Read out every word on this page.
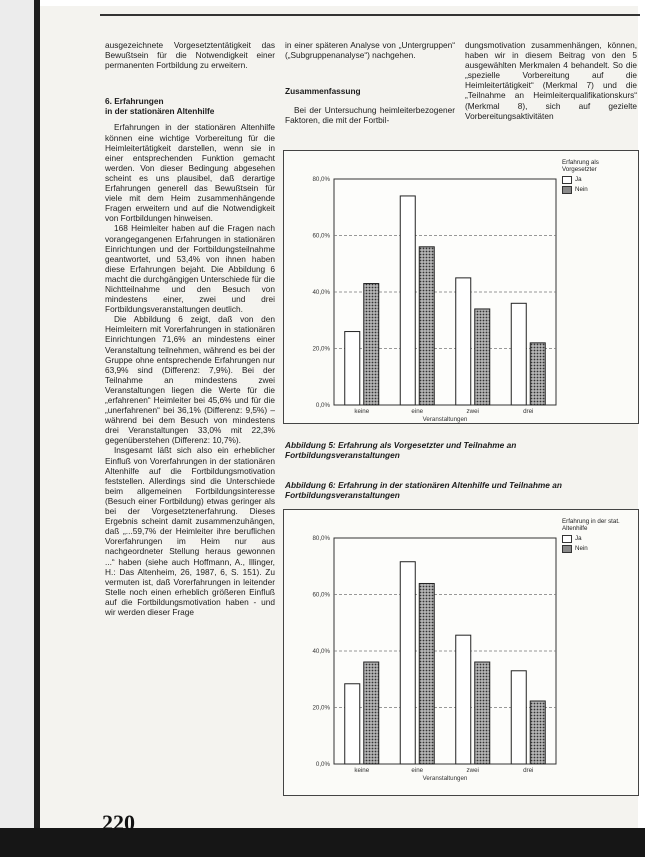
ausgezeichnete Vorgesetztentätigkeit das Bewußtsein für die Notwendigkeit einer permanenten Fortbildung zu erweitern.

6. Erfahrungen

in der stationären Altenhilfe

Erfahrungen in der stationären Altenhilfe können eine wichtige Vorbereitung für die Heimleitertätigkeit darstellen, wenn sie in einer entsprechenden Funktion gemacht werden. Von dieser Bedingung abgesehen scheint es uns plausibel, daß derartige Erfahrungen generell das Bewußtsein für viele mit dem Heim zusammenhängende Fragen erweitern und auf die Notwendigkeit von Fortbildungen hinweisen.

168 Heimleiter haben auf die Fragen nach vorangegangenen Erfahrungen in stationären Einrichtungen und der Fortbildungsteilnahme geantwortet, und 53,4% von ihnen haben diese Erfahrungen bejaht. Die Abbildung 6 macht die durchgängigen Unterschiede für die Nichtteilnahme und den Besuch von mindestens einer, zwei und drei Fortbildungsveranstaltungen deutlich.

Die Abbildung 6 zeigt, daß von den Heimleitern mit Vorerfahrungen in stationären Einrichtungen 71,6% an mindestens einer Veranstaltung teilnehmen, während es bei der Gruppe ohne entsprechende Erfahrungen nur 63,9% sind (Differenz: 7,9%). Bei der Teilnahme an mindestens zwei Veranstaltungen liegen die Werte für die „erfahrenen“ Heimleiter bei 45,6% und für die „unerfahrenen“ bei 36,1% (Differenz: 9,5%) – während bei dem Besuch von mindestens drei Veranstaltungen 33,0% mit 22,3% gegenüberstehen (Differenz: 10,7%).

Insgesamt läßt sich also ein erheblicher Einfluß von Vorerfahrungen in der stationären Altenhilfe auf die Fortbildungsmotivation feststellen. Allerdings sind die Unterschiede beim allgemeinen Fortbildungsinteresse (Besuch einer Fortbildung) etwas geringer als bei der Vorgesetztenerfahrung. Dieses Ergebnis scheint damit zusammenzuhängen, daß „...59,7% der Heimleiter ihre beruflichen Vorerfahrungen im Heim nur aus nachgeordneter Stellung heraus gewonnen ...“ haben (siehe auch Hoffmann, A., Illinger, H.: Das Altenheim, 26, 1987, 6, S. 151). Zu vermuten ist, daß Vorerfahrungen in leitender Stelle noch einen erheblich größeren Einfluß auf die Fortbildungsmotivation haben - und wir werden dieser Frage

in einer späteren Analyse von „Untergruppen“ („Subgruppenanalyse“) nachgehen.

Zusammenfassung

Bei der Untersuchung heimleiterbezogener Faktoren, die mit der Fortbil-

dungsmotivation zusammenhängen, können, haben wir in diesem Beitrag von den 5 ausgewählten Merkmalen 4 behandelt. So die „spezielle Vorbereitung auf die Heimleitertätigkeit“ (Merkmal 7) und die „Teilnahme an Heimleiterqualifikationskurs“ (Merkmal 8), sich auf gezielte Vorbereitungsaktivitäten

0,0%
20,0%
40,0%
60,0%
80,0%
keine	eine	zwei	drei
Veranstaltungen
Erfahrung als Vorgesetzter
Ja
Nein
Abbildung 5: Erfahrung als Vorgesetzter und Teilnahme an Fortbildungsveranstaltungen
Abbildung 6: Erfahrung in der stationären Altenhilfe und Teilnahme an Fortbildungsveranstaltungen
0,0%
20,0%
40,0%
60,0%
80,0%
keine	eine	zwei	drei
Veranstaltungen
Erfahrung in der stat. Altenhilfe
Ja
Nein
220
